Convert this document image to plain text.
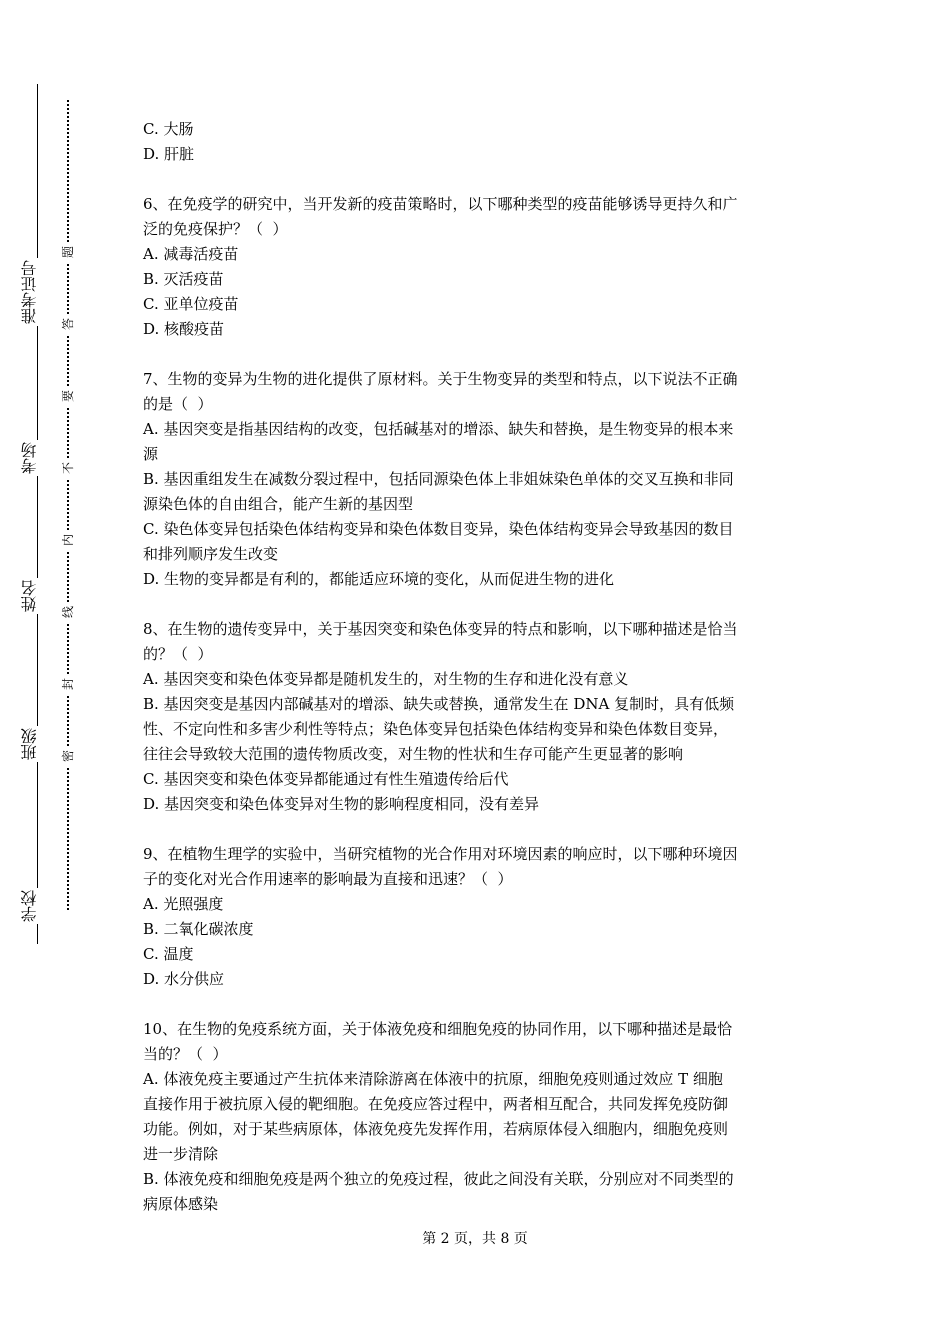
准考证号
考场
姓名
班级
学校
题
答
要
不
内
线
封
密
C. 大肠
D. 肝脏
6、在免疫学的研究中，当开发新的疫苗策略时，以下哪种类型的疫苗能够诱导更持久和广
泛的免疫保护？（  ）
A. 减毒活疫苗
B. 灭活疫苗
C. 亚单位疫苗
D. 核酸疫苗
7、生物的变异为生物的进化提供了原材料。关于生物变异的类型和特点，以下说法不正确
的是（  ）
A. 基因突变是指基因结构的改变，包括碱基对的增添、缺失和替换，是生物变异的根本来
源
B. 基因重组发生在减数分裂过程中，包括同源染色体上非姐妹染色单体的交叉互换和非同
源染色体的自由组合，能产生新的基因型
C. 染色体变异包括染色体结构变异和染色体数目变异，染色体结构变异会导致基因的数目
和排列顺序发生改变
D. 生物的变异都是有利的，都能适应环境的变化，从而促进生物的进化
8、在生物的遗传变异中，关于基因突变和染色体变异的特点和影响，以下哪种描述是恰当
的？（  ）
A. 基因突变和染色体变异都是随机发生的，对生物的生存和进化没有意义
B. 基因突变是基因内部碱基对的增添、缺失或替换，通常发生在 DNA 复制时，具有低频
性、不定向性和多害少利性等特点；染色体变异包括染色体结构变异和染色体数目变异，
往往会导致较大范围的遗传物质改变，对生物的性状和生存可能产生更显著的影响
C. 基因突变和染色体变异都能通过有性生殖遗传给后代
D. 基因突变和染色体变异对生物的影响程度相同，没有差异
9、在植物生理学的实验中，当研究植物的光合作用对环境因素的响应时，以下哪种环境因
子的变化对光合作用速率的影响最为直接和迅速？（  ）
A. 光照强度
B. 二氧化碳浓度
C. 温度
D. 水分供应
10、在生物的免疫系统方面，关于体液免疫和细胞免疫的协同作用，以下哪种描述是最恰
当的？（  ）
A. 体液免疫主要通过产生抗体来清除游离在体液中的抗原，细胞免疫则通过效应 T 细胞
直接作用于被抗原入侵的靶细胞。在免疫应答过程中，两者相互配合，共同发挥免疫防御
功能。例如，对于某些病原体，体液免疫先发挥作用，若病原体侵入细胞内，细胞免疫则
进一步清除
B. 体液免疫和细胞免疫是两个独立的免疫过程，彼此之间没有关联，分别应对不同类型的
病原体感染
第 2 页，共 8 页
